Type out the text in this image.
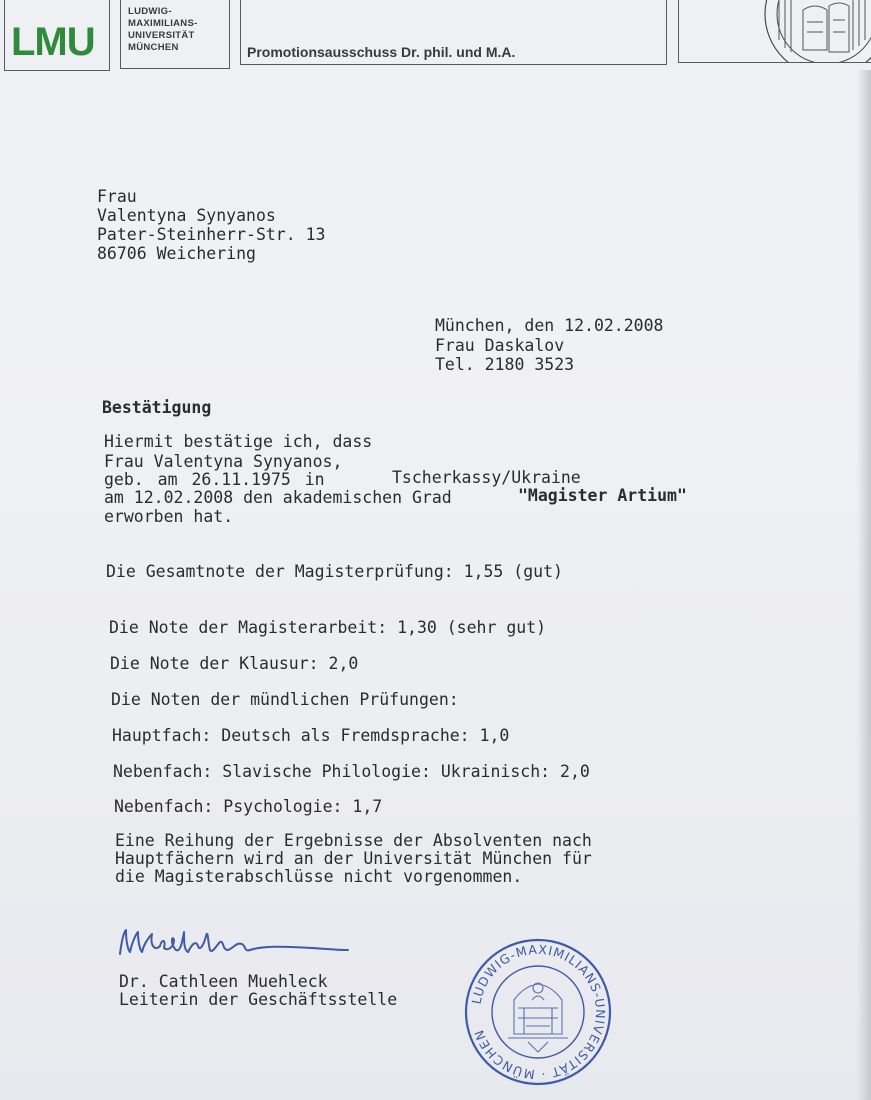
LMU
LUDWIG-
MAXIMILIANS-
UNIVERSITÄT
MÜNCHEN	Promotionsausschuss Dr. phil. und M.A.
Frau
Valentyna Synyanos
Pater-Steinherr-Str. 13
86706 Weichering
München, den 12.02.2008
Frau Daskalov
Tel. 2180 3523
Bestätigung
Hiermit bestätige ich, dass
Frau Valentyna Synyanos,
geb. am 26.11.1975 in	Tscherkassy/Ukraine
am 12.02.2008 den akademischen Grad	"Magister Artium"
erworben hat.
Die Gesamtnote der Magisterprüfung: 1,55 (gut)
Die Note der Magisterarbeit: 1,30 (sehr gut)
Die Note der Klausur: 2,0
Die Noten der mündlichen Prüfungen:
Hauptfach: Deutsch als Fremdsprache: 1,0
Nebenfach: Slavische Philologie: Ukrainisch: 2,0
Nebenfach: Psychologie: 1,7
Eine Reihung der Ergebnisse der Absolventen nach
Hauptfächern wird an der Universität München für
die Magisterabschlüsse nicht vorgenommen.
Dr. Cathleen Muehleck
Leiterin der Geschäftsstelle	LUDWIG-MAXIMILIANS-UNIVERSITÄT · MÜNCHEN
